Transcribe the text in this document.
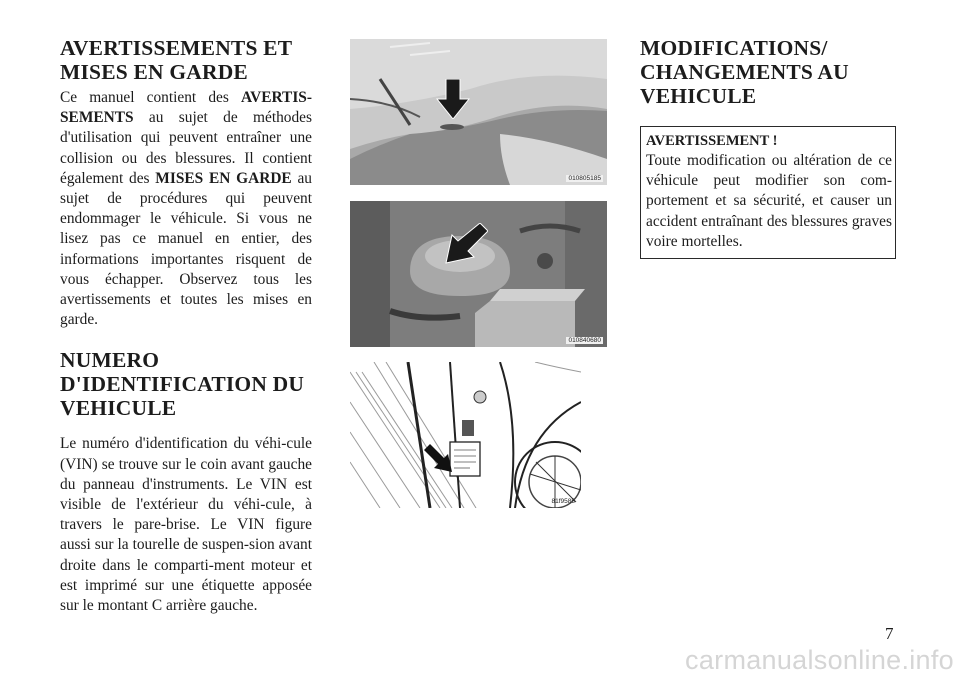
AVERTISSEMENTS ET MISES EN GARDE

Ce manuel contient des AVERTIS-SEMENTS au sujet de méthodes d'utilisation qui peuvent entraîner une collision ou des blessures. Il contient également des MISES EN GARDE au sujet de procédures qui peuvent endommager le véhicule. Si vous ne lisez pas ce manuel en entier, des informations importantes risquent de vous échapper. Observez tous les avertissements et toutes les mises en garde.

NUMERO D'IDENTIFICATION DU VEHICULE

Le numéro d'identification du véhi-cule (VIN) se trouve sur le coin avant gauche du panneau d'instruments. Le VIN est visible de l'extérieur du véhi-cule, à travers le pare-brise. Le VIN figure aussi sur la tourelle de suspen-sion avant droite dans le comparti-ment moteur et est imprimé sur une étiquette apposée sur le montant C arrière gauche.

010805185
010840680
81f9585
MODIFICATIONS/ CHANGEMENTS AU VEHICULE
AVERTISSEMENT !

Toute modification ou altération de ce véhicule peut modifier son com-portement et sa sécurité, et causer un accident entraînant des blessures graves voire mortelles.

7
carmanualsonline.info
